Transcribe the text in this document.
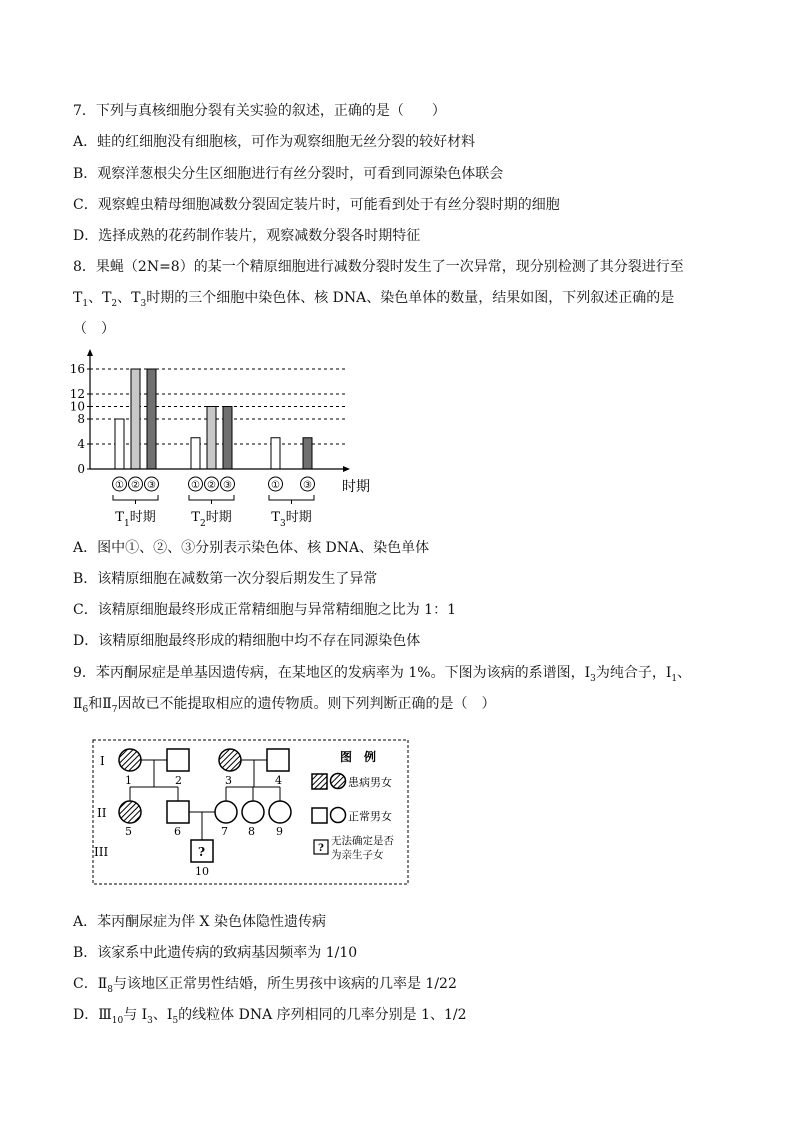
7．下列与真核细胞分裂有关实验的叙述，正确的是（　　）
A．蛙的红细胞没有细胞核，可作为观察细胞无丝分裂的较好材料
B．观察洋葱根尖分生区细胞进行有丝分裂时，可看到同源染色体联会
C．观察蝗虫精母细胞减数分裂固定装片时，可能看到处于有丝分裂时期的细胞
D．选择成熟的花药制作装片，观察减数分裂各时期特征
8．果蝇（2N=8）的某一个精原细胞进行减数分裂时发生了一次异常，现分别检测了其分裂进行至
$T_1$、$T_2$、$T_3$时期的三个细胞中染色体、核 DNA、染色单体的数量，结果如图，下列叙述正确的是
（　）
0
4
8
10
12
16
① ② ③	① ② ③	① ③
$T_1$时期	$T_2$时期	$T_3$时期
时期
A．图中①、②、③分别表示染色体、核 DNA、染色单体
B．该精原细胞在减数第一次分裂后期发生了异常
C．该精原细胞最终形成正常精细胞与异常精细胞之比为 1：1
D．该精原细胞最终形成的精细胞中均不存在同源染色体
9．苯丙酮尿症是单基因遗传病，在某地区的发病率为 1%。下图为该病的系谱图，$I_3$为纯合子，$I_1$、
$Ⅱ_6$和$Ⅱ_7$因故已不能提取相应的遗传物质。则下列判断正确的是（　）
I
II
III
1	2	3	4
5	6	7 8 9
?
10
图　例
患病男女
正常男女
?
无法确定是否
为亲生子女
A．苯丙酮尿症为伴 X 染色体隐性遗传病
B．该家系中此遗传病的致病基因频率为 1/10
C．$Ⅱ_8$与该地区正常男性结婚，所生男孩中该病的几率是 1/22
D．$Ⅲ_{10}$与 $I_3$、$I_5$的线粒体 DNA 序列相同的几率分别是 1、1/2
